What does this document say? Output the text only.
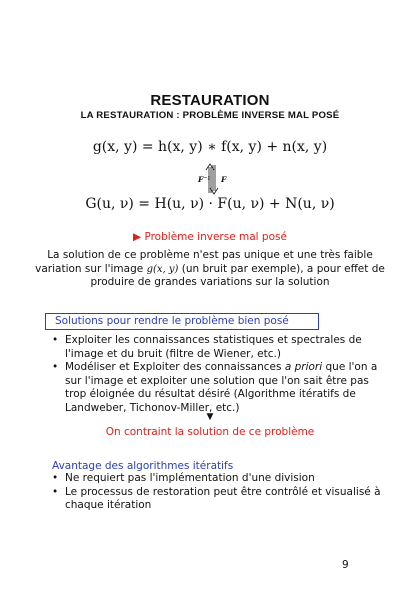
RESTAURATION
LA RESTAURATION : PROBLÈME INVERSE MAL POSÉ
g(x, y) = h(x, y) ∗ f(x, y) + n(x, y)
F⁻¹ F
G(u, ν) = H(u, ν) · F(u, ν) + N(u, ν)
▶ Problème inverse mal posé
La solution de ce problème n'est pas unique et une très faible variation sur l'image g(x, y) (un bruit par exemple), a pour effet de produire de grandes variations sur la solution
Solutions pour rendre le problème bien posé
• Exploiter les connaissances statistiques et spectrales de l'image et du bruit (filtre de Wiener, etc.)
• Modéliser et Exploiter des connaissances a priori que l'on a sur l'image et exploiter une solution que l'on sait être pas trop éloignée du résultat désiré (Algorithme itératifs de Landweber, Tichonov-Miller, etc.)
▼
On contraint la solution de ce problème
Avantage des algorithmes itératifs
• Ne requiert pas l'implémentation d'une division
• Le processus de restoration peut être contrôlé et visualisé à chaque itération
9
